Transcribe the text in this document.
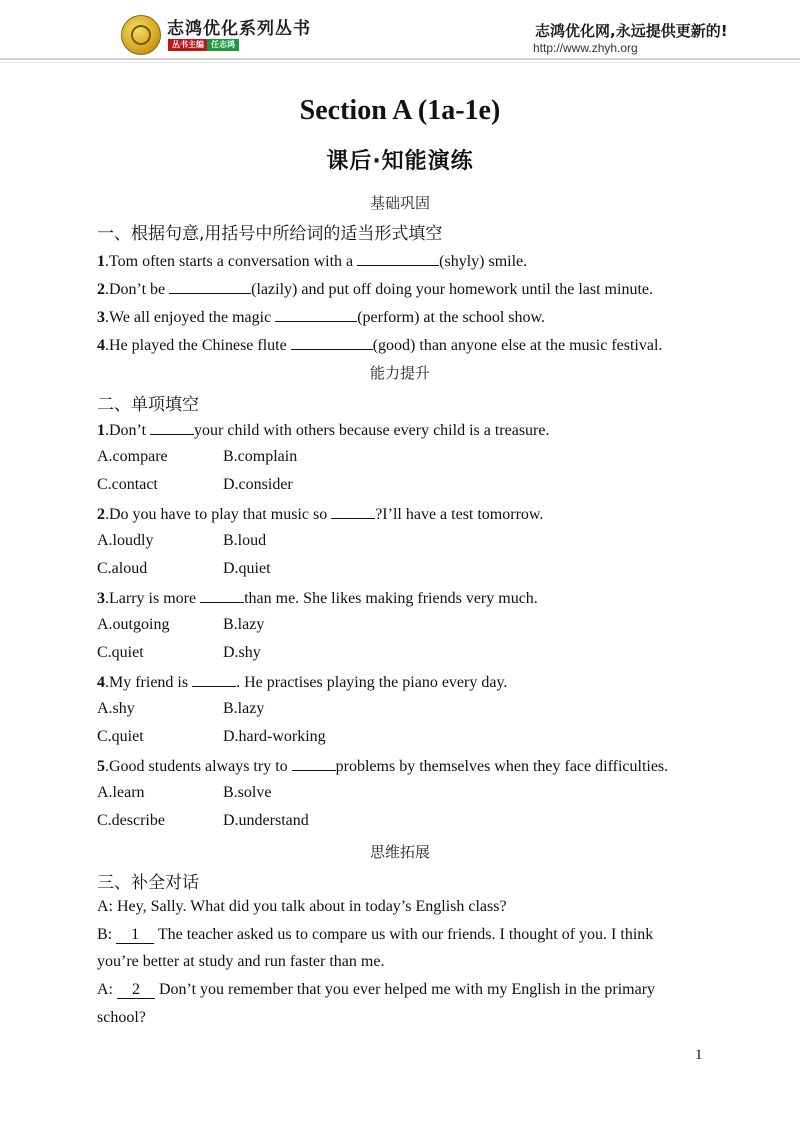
志鸿优化系列丛书
丛书主编 任志鸿
志鸿优化网,永远提供更新的!
http://www.zhyh.org
Section A (1a-1e)
课后·知能演练
基础巩固
一、根据句意,用括号中所给词的适当形式填空
1.Tom often starts a conversation with a	(shyly) smile.
2.Don’t be	(lazily) and put off doing your homework until the last minute.
3.We all enjoyed the magic	(perform) at the school show.
4.He played the Chinese flute	(good) than anyone else at the music festival.
能力提升
二、单项填空
1.Don’t	your child with others because every child is a treasure.
A.compare	B.complain
C.contact	D.consider
2.Do you have to play that music so	?I’ll have a test tomorrow.
A.loudly	B.loud
C.aloud	D.quiet
3.Larry is more	than me. She likes making friends very much.
A.outgoing	B.lazy
C.quiet	D.shy
4.My friend is	. He practises playing the piano every day.
A.shy	B.lazy
C.quiet	D.hard-working
5.Good students always try to	problems by themselves when they face difficulties.
A.learn	B.solve
C.describe	D.understand
思维拓展
三、补全对话
A: Hey, Sally. What did you talk about in today’s English class?
B: 1 The teacher asked us to compare us with our friends. I thought of you. I think
you’re better at study and run faster than me.
A: 2 Don’t you remember that you ever helped me with my English in the primary
school?
1
